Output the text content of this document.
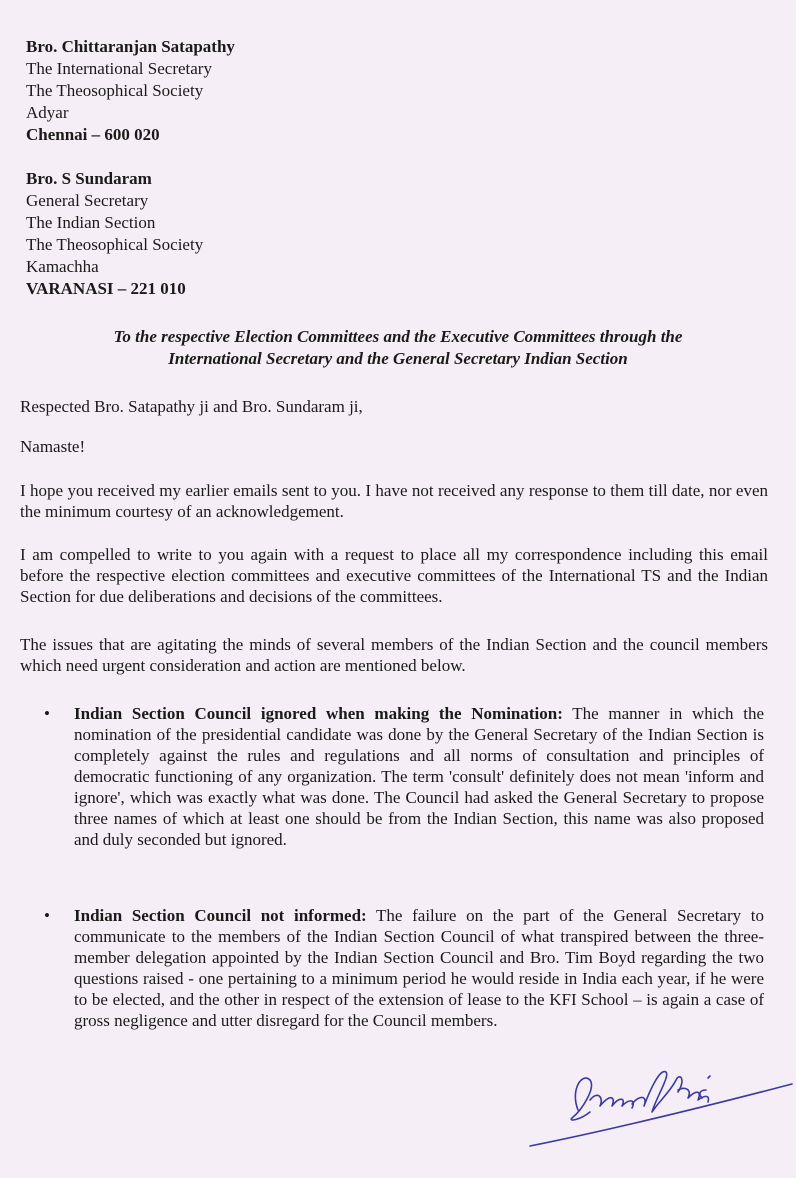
Bro. Chittaranjan Satapathy
The International Secretary
The Theosophical Society
Adyar
Chennai – 600 020
Bro. S Sundaram
General Secretary
The Indian Section
The Theosophical Society
Kamachha
VARANASI – 221 010
To the respective Election Committees and the Executive Committees through the
International Secretary and the General Secretary Indian Section
Respected Bro. Satapathy ji and Bro. Sundaram ji,
Namaste!
I hope you received my earlier emails sent to you. I have not received any response to them till date, nor even the minimum courtesy of an acknowledgement.
I am compelled to write to you again with a request to place all my correspondence including this email before the respective election committees and executive committees of the International TS and the Indian Section for due deliberations and decisions of the committees.
The issues that are agitating the minds of several members of the Indian Section and the council members which need urgent consideration and action are mentioned below.
• Indian Section Council ignored when making the Nomination: The manner in which the nomination of the presidential candidate was done by the General Secretary of the Indian Section is completely against the rules and regulations and all norms of consultation and principles of democratic functioning of any organization. The term 'consult' definitely does not mean 'inform and ignore', which was exactly what was done. The Council had asked the General Secretary to propose three names of which at least one should be from the Indian Section, this name was also proposed and duly seconded but ignored.
• Indian Section Council not informed: The failure on the part of the General Secretary to communicate to the members of the Indian Section Council of what transpired between the three-member delegation appointed by the Indian Section Council and Bro. Tim Boyd regarding the two questions raised - one pertaining to a minimum period he would reside in India each year, if he were to be elected, and the other in respect of the extension of lease to the KFI School – is again a case of gross negligence and utter disregard for the Council members.
